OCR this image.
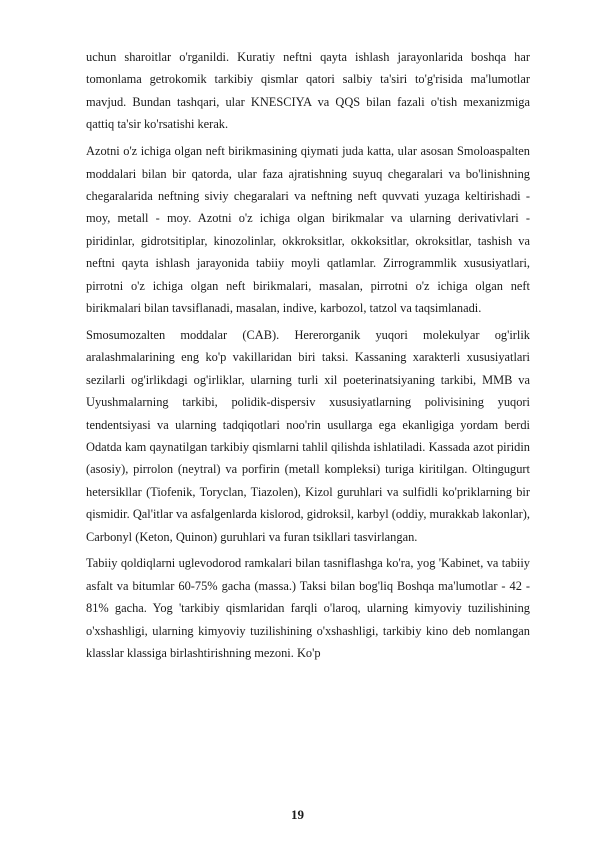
uchun sharoitlar o'rganildi. Kuratiy neftni qayta ishlash jarayonlarida boshqa har tomonlama getrokomik tarkibiy qismlar qatori salbiy ta'siri to'g'risida ma'lumotlar mavjud. Bundan tashqari, ular KNESCIYA va QQS bilan fazali o'tish mexanizmiga qattiq ta'sir ko'rsatishi kerak.

Azotni o'z ichiga olgan neft birikmasining qiymati juda katta, ular asosan Smoloaspalten moddalari bilan bir qatorda, ular faza ajratishning suyuq chegaralari va bo'linishning chegaralarida neftning siviy chegaralari va neftning neft quvvati yuzaga keltirishadi - moy, metall - moy. Azotni o'z ichiga olgan birikmalar va ularning derivativlari - piridinlar, gidrotsitiplar, kinozolinlar, okkroksitlar, okkoksitlar, okroksitlar, tashish va neftni qayta ishlash jarayonida tabiiy moyli qatlamlar. Zirrogrammlik xususiyatlari, pirrotni o'z ichiga olgan neft birikmalari, masalan, pirrotni o'z ichiga olgan neft birikmalari bilan tavsiflanadi, masalan, indive, karbozol, tatzol va taqsimlanadi.

Smosumozalten moddalar (CAB). Hererorganik yuqori molekulyar og'irlik aralashmalarining eng ko'p vakillaridan biri taksi. Kassaning xarakterli xususiyatlari sezilarli og'irlikdagi og'irliklar, ularning turli xil poeterinatsiyaning tarkibi, MMB va Uyushmalarning tarkibi, polidik-dispersiv xususiyatlarning polivisining yuqori tendentsiyasi va ularning tadqiqotlari noo'rin usullarga ega ekanligiga yordam berdi Odatda kam qaynatilgan tarkibiy qismlarni tahlil qilishda ishlatiladi. Kassada azot piridin (asosiy), pirrolon (neytral) va porfirin (metall kompleksi) turiga kiritilgan. Oltingugurt hetersikllar (Tiofenik, Toryclan, Tiazolen), Kizol guruhlari va sulfidli ko'priklarning bir qismidir. Qal'itlar va asfalgenlarda kislorod, gidroksil, karbyl (oddiy, murakkab lakonlar), Carbonyl (Keton, Quinon) guruhlari va furan tsikllari tasvirlangan.

Tabiiy qoldiqlarni uglevodorod ramkalari bilan tasniflashga ko'ra, yog 'Kabinet, va tabiiy asfalt va bitumlar 60-75% gacha (massa.) Taksi bilan bog'liq Boshqa ma'lumotlar - 42 - 81% gacha. Yog 'tarkibiy qismlaridan farqli o'laroq, ularning kimyoviy tuzilishining o'xshashligi, ularning kimyoviy tuzilishining o'xshashligi, tarkibiy kino deb nomlangan klasslar klassiga birlashtirishning mezoni. Ko'p

19
